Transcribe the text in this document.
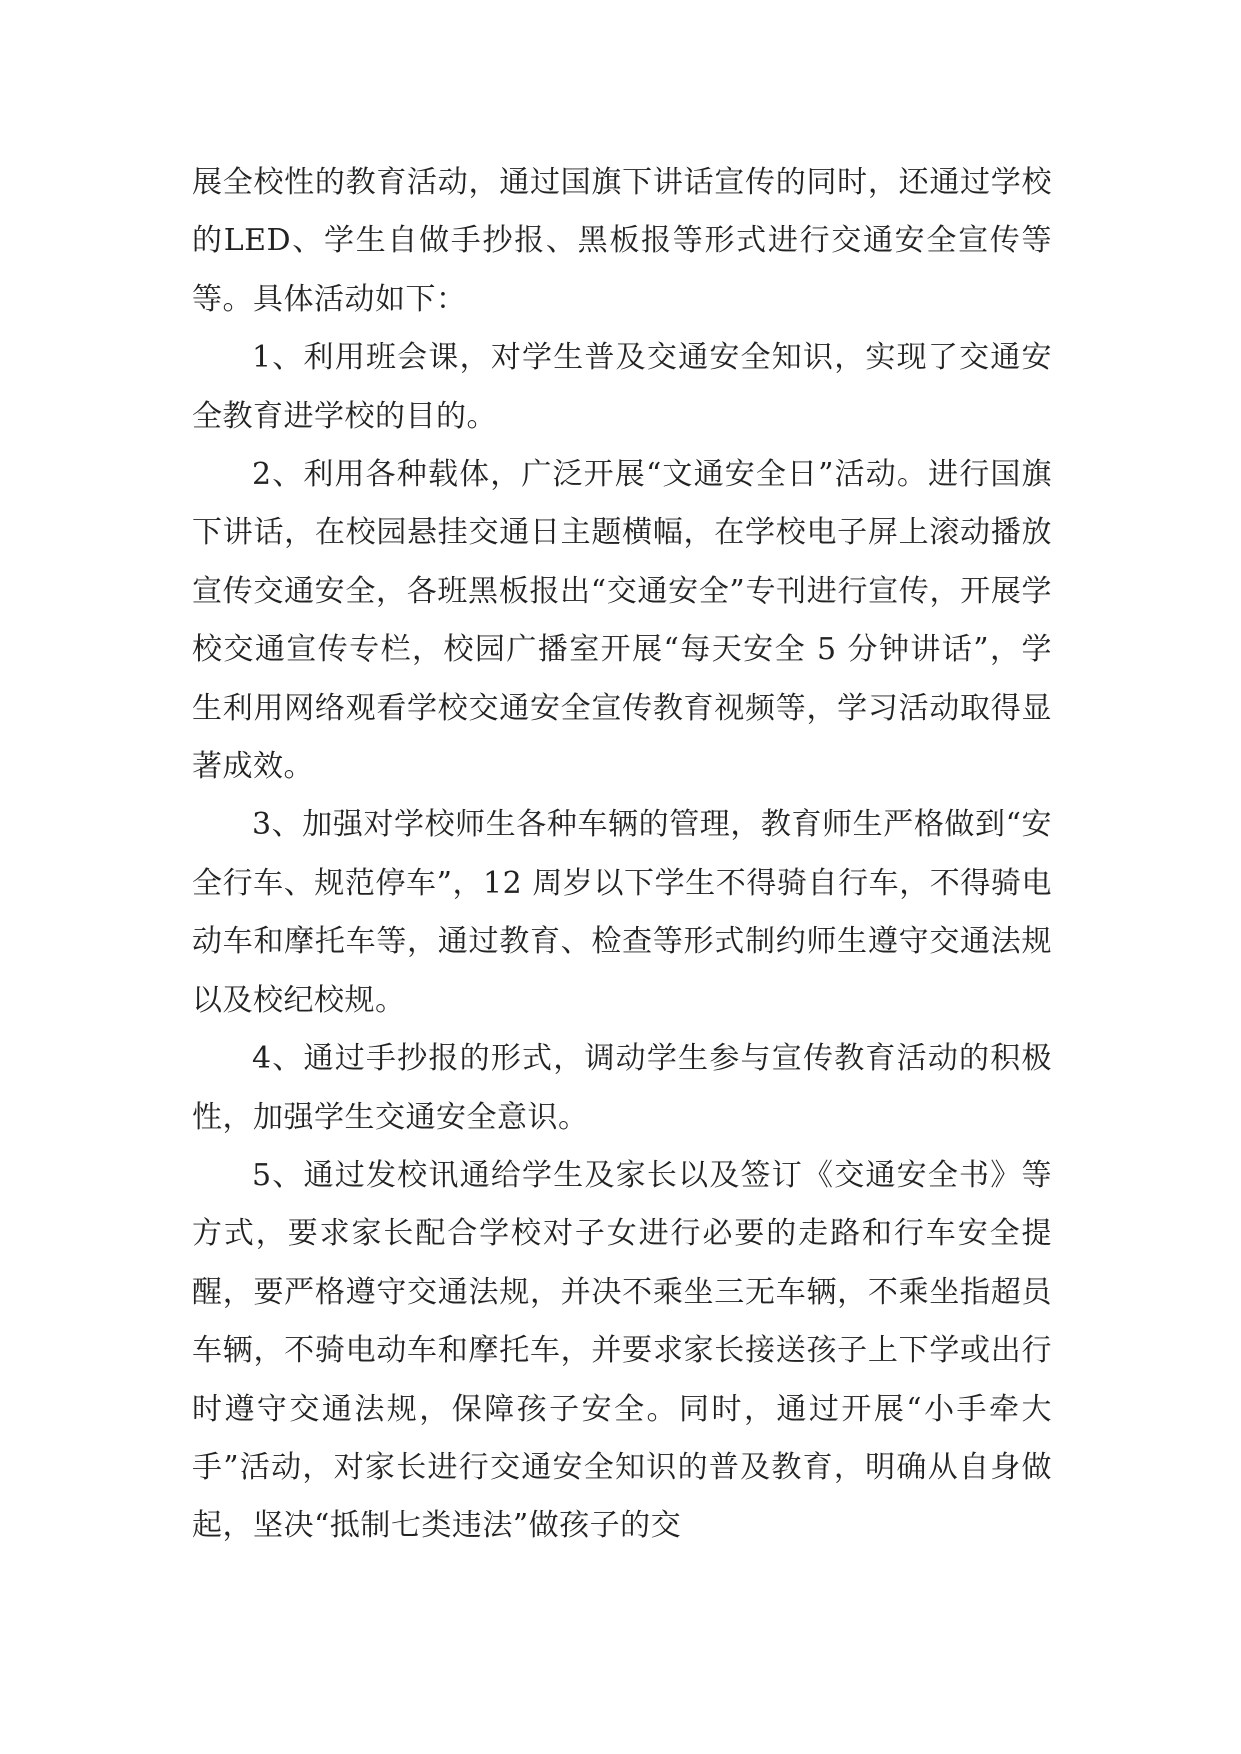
展全校性的教育活动，通过国旗下讲话宣传的同时，还通过学校的LED、学生自做手抄报、黑板报等形式进行交通安全宣传等等。具体活动如下：

1、利用班会课，对学生普及交通安全知识，实现了交通安全教育进学校的目的。

2、利用各种载体，广泛开展“文通安全日”活动。进行国旗下讲话，在校园悬挂交通日主题横幅，在学校电子屏上滚动播放宣传交通安全，各班黑板报出“交通安全”专刊进行宣传，开展学校交通宣传专栏，校园广播室开展“每天安全 5 分钟讲话”，学生利用网络观看学校交通安全宣传教育视频等，学习活动取得显著成效。

3、加强对学校师生各种车辆的管理，教育师生严格做到“安全行车、规范停车”，12 周岁以下学生不得骑自行车，不得骑电动车和摩托车等，通过教育、检查等形式制约师生遵守交通法规以及校纪校规。

4、通过手抄报的形式，调动学生参与宣传教育活动的积极性，加强学生交通安全意识。

5、通过发校讯通给学生及家长以及签订《交通安全书》等方式，要求家长配合学校对子女进行必要的走路和行车安全提醒，要严格遵守交通法规，并决不乘坐三无车辆，不乘坐指超员车辆，不骑电动车和摩托车，并要求家长接送孩子上下学或出行时遵守交通法规，保障孩子安全。同时，通过开展“小手牵大手”活动，对家长进行交通安全知识的普及教育，明确从自身做起，坚决“抵制七类违法”做孩子的交
